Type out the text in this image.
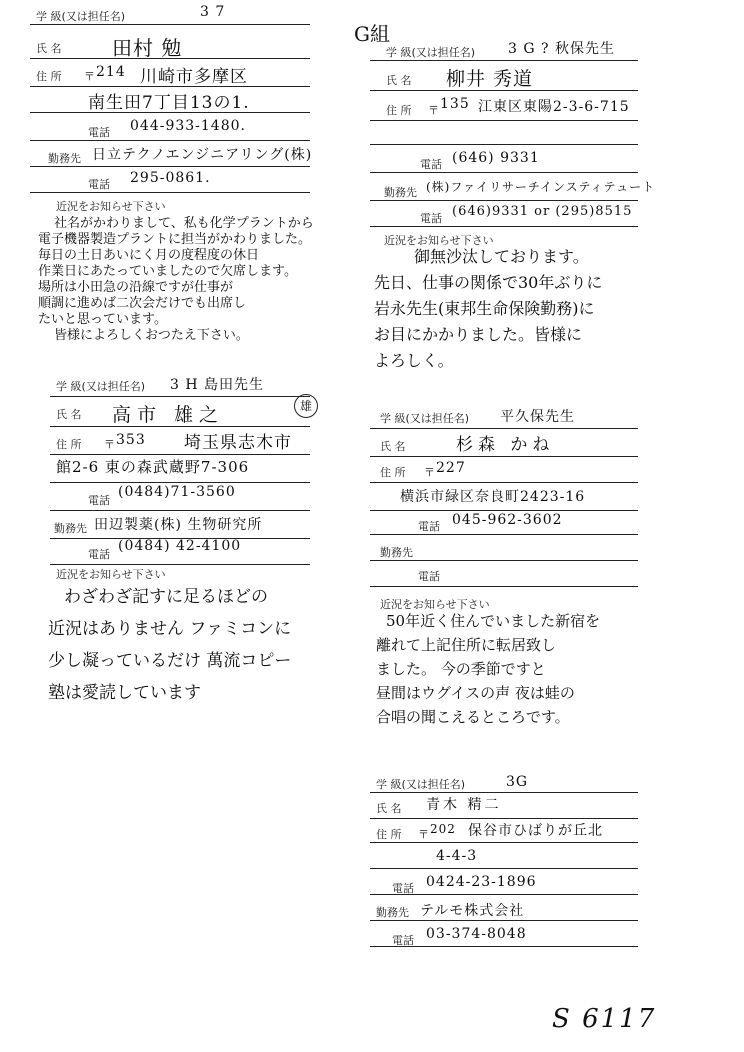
学 級(又は担任名)	3 7
氏 名	田村 勉
住 所 〒 214 川崎市多摩区
南生田7丁目13の1.
電話 044-933-1480.
勤務先 日立テクノエンジニアリング(株)
電話 295-0861.
近況をお知らせ下さい
社名がかわりまして、私も化学プラントから
電子機器製造プラントに担当がかわりました。
毎日の土日あいにく月の度程度の休日
作業日にあたっていましたので欠席します。
場所は小田急の沿線ですが仕事が
順調に進めば二次会だけでも出席し
たいと思っています。
皆様によろしくおつたえ下さい。
学 級(又は担任名) 3 H 島田先生
氏 名 高市 雄之	雄
住 所 〒 353 埼玉県志木市
館2-6 東の森武蔵野7-306
電話
(0484)71-3560
勤務先 田辺製薬(株) 生物研究所
電話
(0484) 42-4100
近況をお知らせ下さい
わざわざ記すに足るほどの
近況はありません ファミコンに
少し凝っているだけ 萬流コピー
塾は愛読しています
G組
学 級(又は担任名) 3 G ? 秋保先生
氏 名 柳井 秀道
住 所 〒 135 江東区東陽2-3-6-715
電話 (646) 9331
勤務先 (株)ファイリサーチインスティテュート
電話 (646)9331 or (295)8515
近況をお知らせ下さい
御無沙汰しております。
先日、仕事の関係で30年ぶりに
岩永先生(東邦生命保険勤務)に
お目にかかりました。皆様に
よろしく。
学 級(又は担任名) 平久保先生
氏 名	杉森 かね
住 所 〒 227
横浜市緑区奈良町2423-16
電話 045-962-3602
勤務先
電話
近況をお知らせ下さい
50年近く住んでいました新宿を
離れて上記住所に転居致し
ました。 今の季節ですと
昼間はウグイスの声 夜は蛙の
合唱の聞こえるところです。
学 級(又は担任名)	3G
氏 名 青木 精二
住 所 〒 202 保谷市ひばりが丘北
4-4-3
電話 0424-23-1896
勤務先 テルモ株式会社
電話 03-374-8048
S 6117
